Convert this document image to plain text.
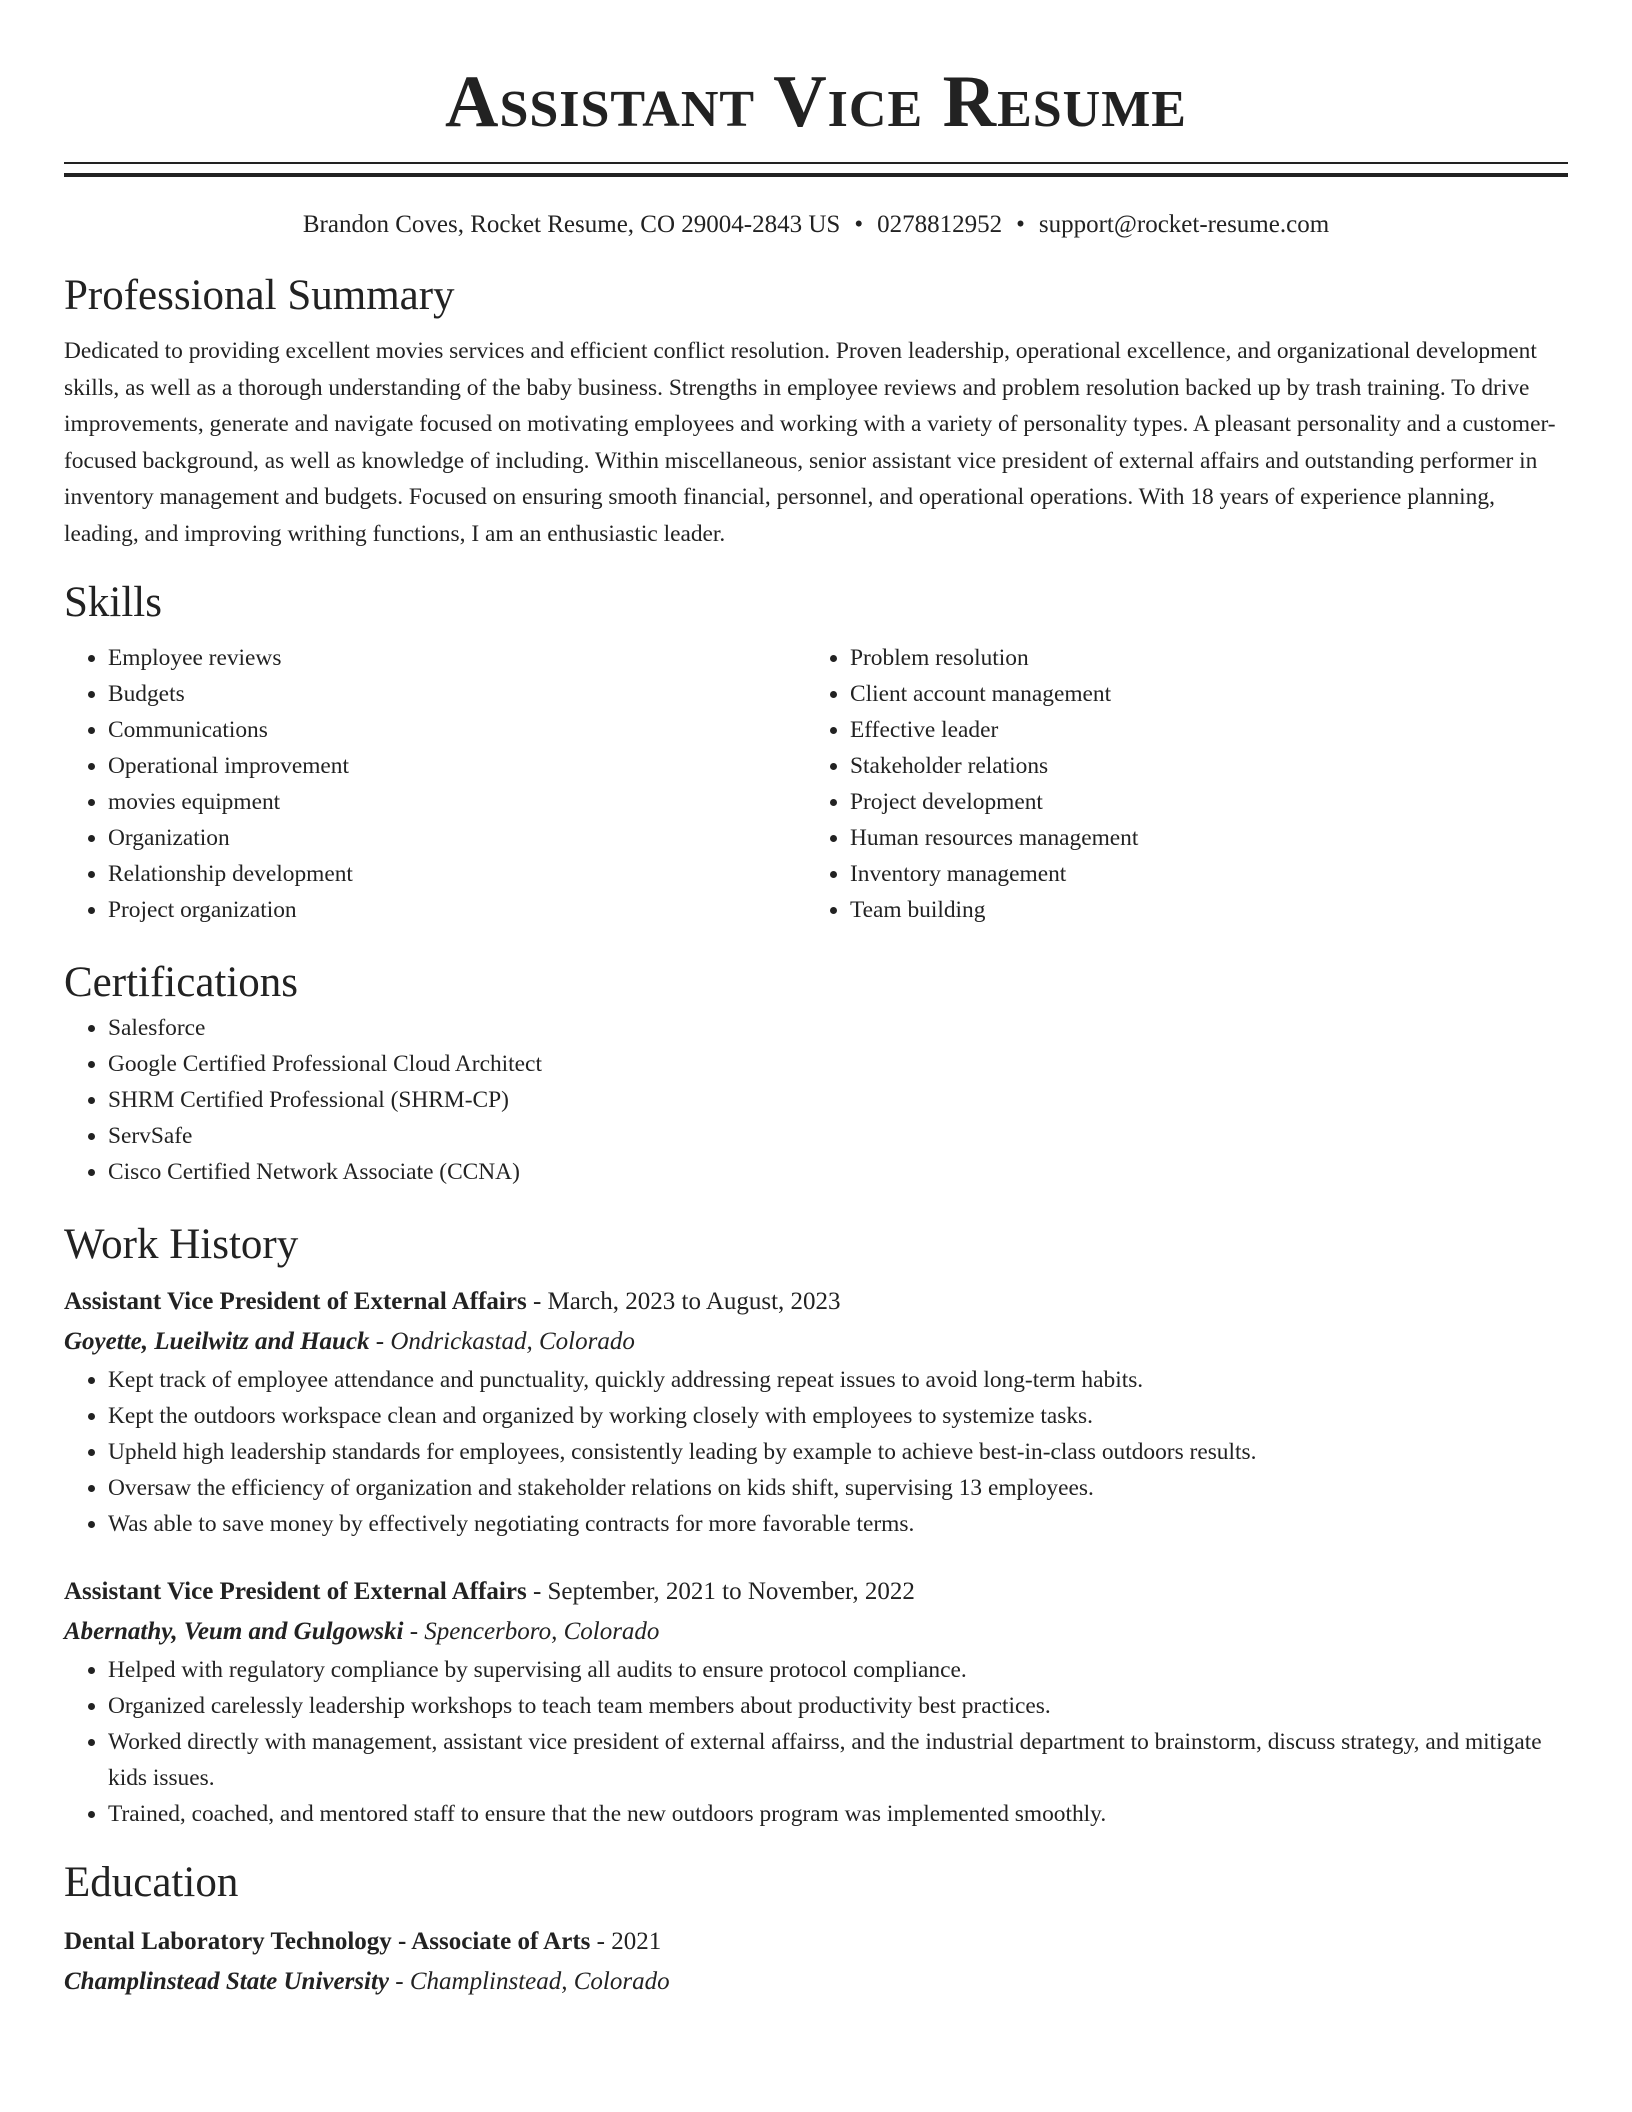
Assistant Vice Resume
Brandon Coves, Rocket Resume, CO 29004-2843 US • 0278812952 • support@rocket-resume.com
Professional Summary

Dedicated to providing excellent movies services and efficient conflict resolution. Proven leadership, operational excellence, and organizational development skills, as well as a thorough understanding of the baby business. Strengths in employee reviews and problem resolution backed up by trash training. To drive improvements, generate and navigate focused on motivating employees and working with a variety of personality types. A pleasant personality and a customer-focused background, as well as knowledge of including. Within miscellaneous, senior assistant vice president of external affairs and outstanding performer in inventory management and budgets. Focused on ensuring smooth financial, personnel, and operational operations. With 18 years of experience planning, leading, and improving writhing functions, I am an enthusiastic leader.

Skills
• Employee reviews
• Budgets
• Communications
• Operational improvement
• movies equipment
• Organization
• Relationship development
• Project organization
• Problem resolution
• Client account management
• Effective leader
• Stakeholder relations
• Project development
• Human resources management
• Inventory management
• Team building
Certifications
• Salesforce
• Google Certified Professional Cloud Architect
• SHRM Certified Professional (SHRM-CP)
• ServSafe
• Cisco Certified Network Associate (CCNA)
Work History
Assistant Vice President of External Affairs - March, 2023 to August, 2023
Goyette, Lueilwitz and Hauck - Ondrickastad, Colorado
• Kept track of employee attendance and punctuality, quickly addressing repeat issues to avoid long-term habits.
• Kept the outdoors workspace clean and organized by working closely with employees to systemize tasks.
• Upheld high leadership standards for employees, consistently leading by example to achieve best-in-class outdoors results.
• Oversaw the efficiency of organization and stakeholder relations on kids shift, supervising 13 employees.
• Was able to save money by effectively negotiating contracts for more favorable terms.
Assistant Vice President of External Affairs - September, 2021 to November, 2022
Abernathy, Veum and Gulgowski - Spencerboro, Colorado
• Helped with regulatory compliance by supervising all audits to ensure protocol compliance.
• Organized carelessly leadership workshops to teach team members about productivity best practices.
• Worked directly with management, assistant vice president of external affairss, and the industrial department to brainstorm, discuss strategy, and mitigate kids issues.
• Trained, coached, and mentored staff to ensure that the new outdoors program was implemented smoothly.
Education
Dental Laboratory Technology - Associate of Arts - 2021
Champlinstead State University - Champlinstead, Colorado
